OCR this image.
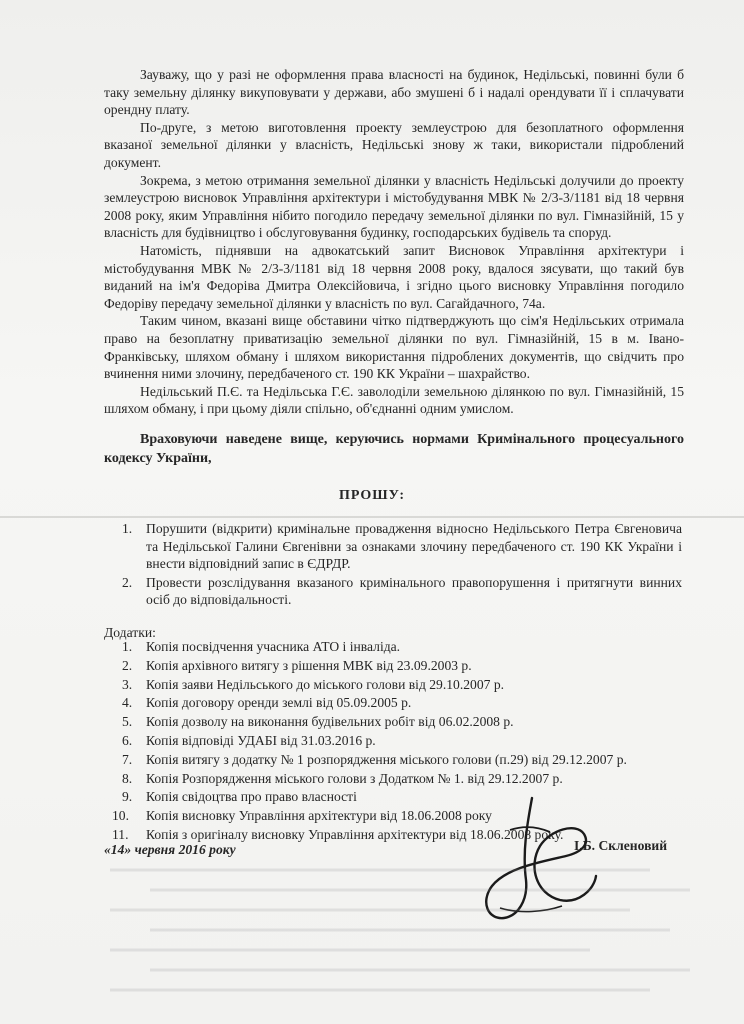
Зауважу, що у разі не оформлення права власності на будинок, Недільські, повинні були б таку земельну ділянку викуповувати у держави, або змушені б і надалі орендувати її і сплачувати орендну плату.

По-друге, з метою виготовлення проекту землеустрою для безоплатного оформлення вказаної земельної ділянки у власність, Недільські знову ж таки, використали підроблений документ.

Зокрема, з метою отримання земельної ділянки у власність Недільські долучили до проекту землеустрою висновок Управління архітектури і містобудування МВК № 2/3-3/1181 від 18 червня 2008 року, яким Управління нібито погодило передачу земельної ділянки по вул. Гімназійній, 15 у власність для будівництво і обслуговування будинку, господарських будівель та споруд.

Натомість, піднявши на адвокатський запит Висновок Управління архітектури і містобудування МВК № 2/3-3/1181 від 18 червня 2008 року, вдалося зясувати, що такий був виданий на ім'я Федоріва Дмитра Олексійовича, і згідно цього висновку Управління погодило Федоріву передачу земельної ділянки у власність по вул. Сагайдачного, 74а.

Таким чином, вказані вище обставини чітко підтверджують що сім'я Недільських отримала право на безоплатну приватизацію земельної ділянки по вул. Гімназійній, 15 в м. Івано-Франківську, шляхом обману і шляхом використання підроблених документів, що свідчить про вчинення ними злочину, передбаченого ст. 190 КК України – шахрайство.

Недільський П.Є. та Недільська Г.Є. заволоділи земельною ділянкою по вул. Гімназійній, 15 шляхом обману, і при цьому діяли спільно, об'єднанні одним умислом.

Враховуючи наведене вище, керуючись нормами Кримінального процесуального кодексу України,
ПРОШУ:
1. Порушити (відкрити) кримінальне провадження відносно Недільського Петра Євгеновича та Недільської Галини Євгенівни за ознаками злочину передбаченого ст. 190 КК України і внести відповідний запис в ЄДРДР.
2. Провести розслідування вказаного кримінального правопорушення і притягнути винних осіб до відповідальності.
Додатки:
1. Копія посвідчення учасника АТО і інваліда.
2. Копія архівного витягу з рішення МВК від 23.09.2003 р.
3. Копія заяви Недільського до міського голови від 29.10.2007 р.
4. Копія договору оренди землі від 05.09.2005 р.
5. Копія дозволу на виконання будівельних робіт від 06.02.2008 р.
6. Копія відповіді УДАБІ від 31.03.2016 р.
7. Копія витягу з додатку № 1 розпорядження міського голови (п.29) від 29.12.2007 р.
8. Копія Розпорядження міського голови з Додатком № 1. від 29.12.2007 р.
9. Копія свідоцтва про право власності
10. Копія висновку Управління архітектури від 18.06.2008 року
11. Копія з оригіналу висновку Управління архітектури від 18.06.2008 року.
«14» червня 2016 року	І.Б. Скленовий
